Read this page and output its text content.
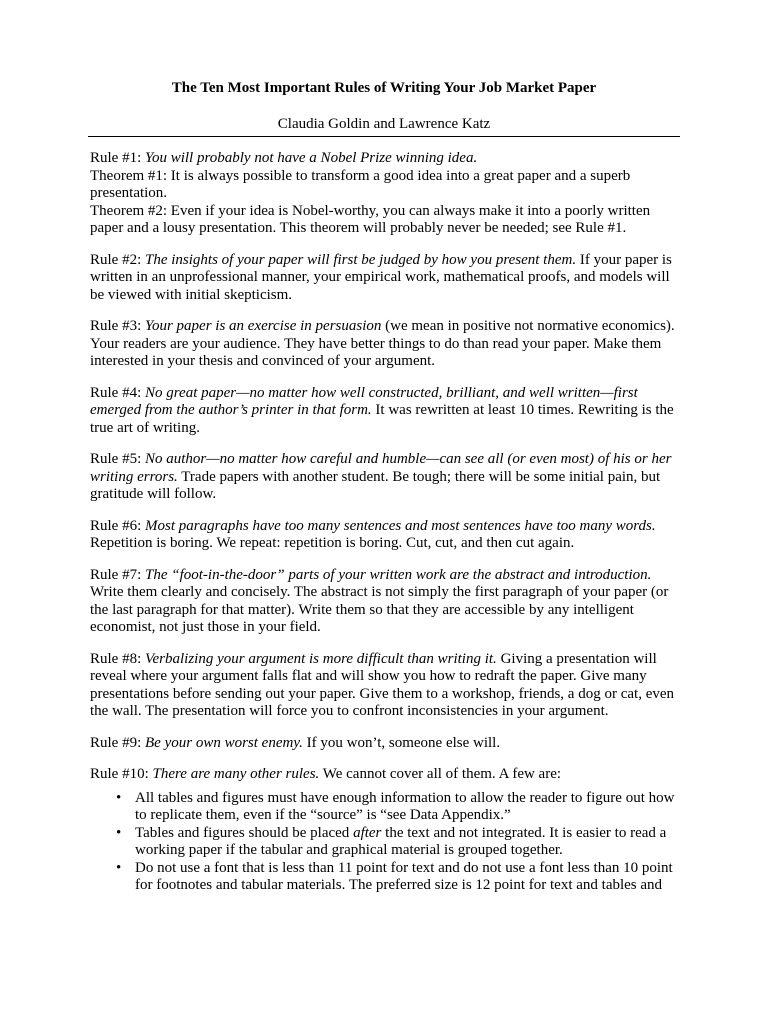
The Ten Most Important Rules of Writing Your Job Market Paper
Claudia Goldin and Lawrence Katz

Rule #1: You will probably not have a Nobel Prize winning idea.

Theorem #1: It is always possible to transform a good idea into a great paper and a superb presentation.

Theorem #2: Even if your idea is Nobel-worthy, you can always make it into a poorly written paper and a lousy presentation. This theorem will probably never be needed; see Rule #1.

Rule #2: The insights of your paper will first be judged by how you present them. If your paper is written in an unprofessional manner, your empirical work, mathematical proofs, and models will be viewed with initial skepticism.

Rule #3: Your paper is an exercise in persuasion (we mean in positive not normative economics). Your readers are your audience. They have better things to do than read your paper. Make them interested in your thesis and convinced of your argument.

Rule #4: No great paper—no matter how well constructed, brilliant, and well written—first emerged from the author’s printer in that form. It was rewritten at least 10 times. Rewriting is the true art of writing.

Rule #5: No author—no matter how careful and humble—can see all (or even most) of his or her writing errors. Trade papers with another student. Be tough; there will be some initial pain, but gratitude will follow.

Rule #6: Most paragraphs have too many sentences and most sentences have too many words. Repetition is boring. We repeat: repetition is boring. Cut, cut, and then cut again.

Rule #7: The “foot-in-the-door” parts of your written work are the abstract and introduction. Write them clearly and concisely. The abstract is not simply the first paragraph of your paper (or the last paragraph for that matter). Write them so that they are accessible by any intelligent economist, not just those in your field.

Rule #8: Verbalizing your argument is more difficult than writing it. Giving a presentation will reveal where your argument falls flat and will show you how to redraft the paper. Give many presentations before sending out your paper. Give them to a workshop, friends, a dog or cat, even the wall. The presentation will force you to confront inconsistencies in your argument.

Rule #9: Be your own worst enemy. If you won’t, someone else will.

Rule #10: There are many other rules. We cannot cover all of them. A few are:

• All tables and figures must have enough information to allow the reader to figure out how to replicate them, even if the “source” is “see Data Appendix.”
• Tables and figures should be placed after the text and not integrated. It is easier to read a working paper if the tabular and graphical material is grouped together.
• Do not use a font that is less than 11 point for text and do not use a font less than 10 point for footnotes and tabular materials. The preferred size is 12 point for text and tables and
